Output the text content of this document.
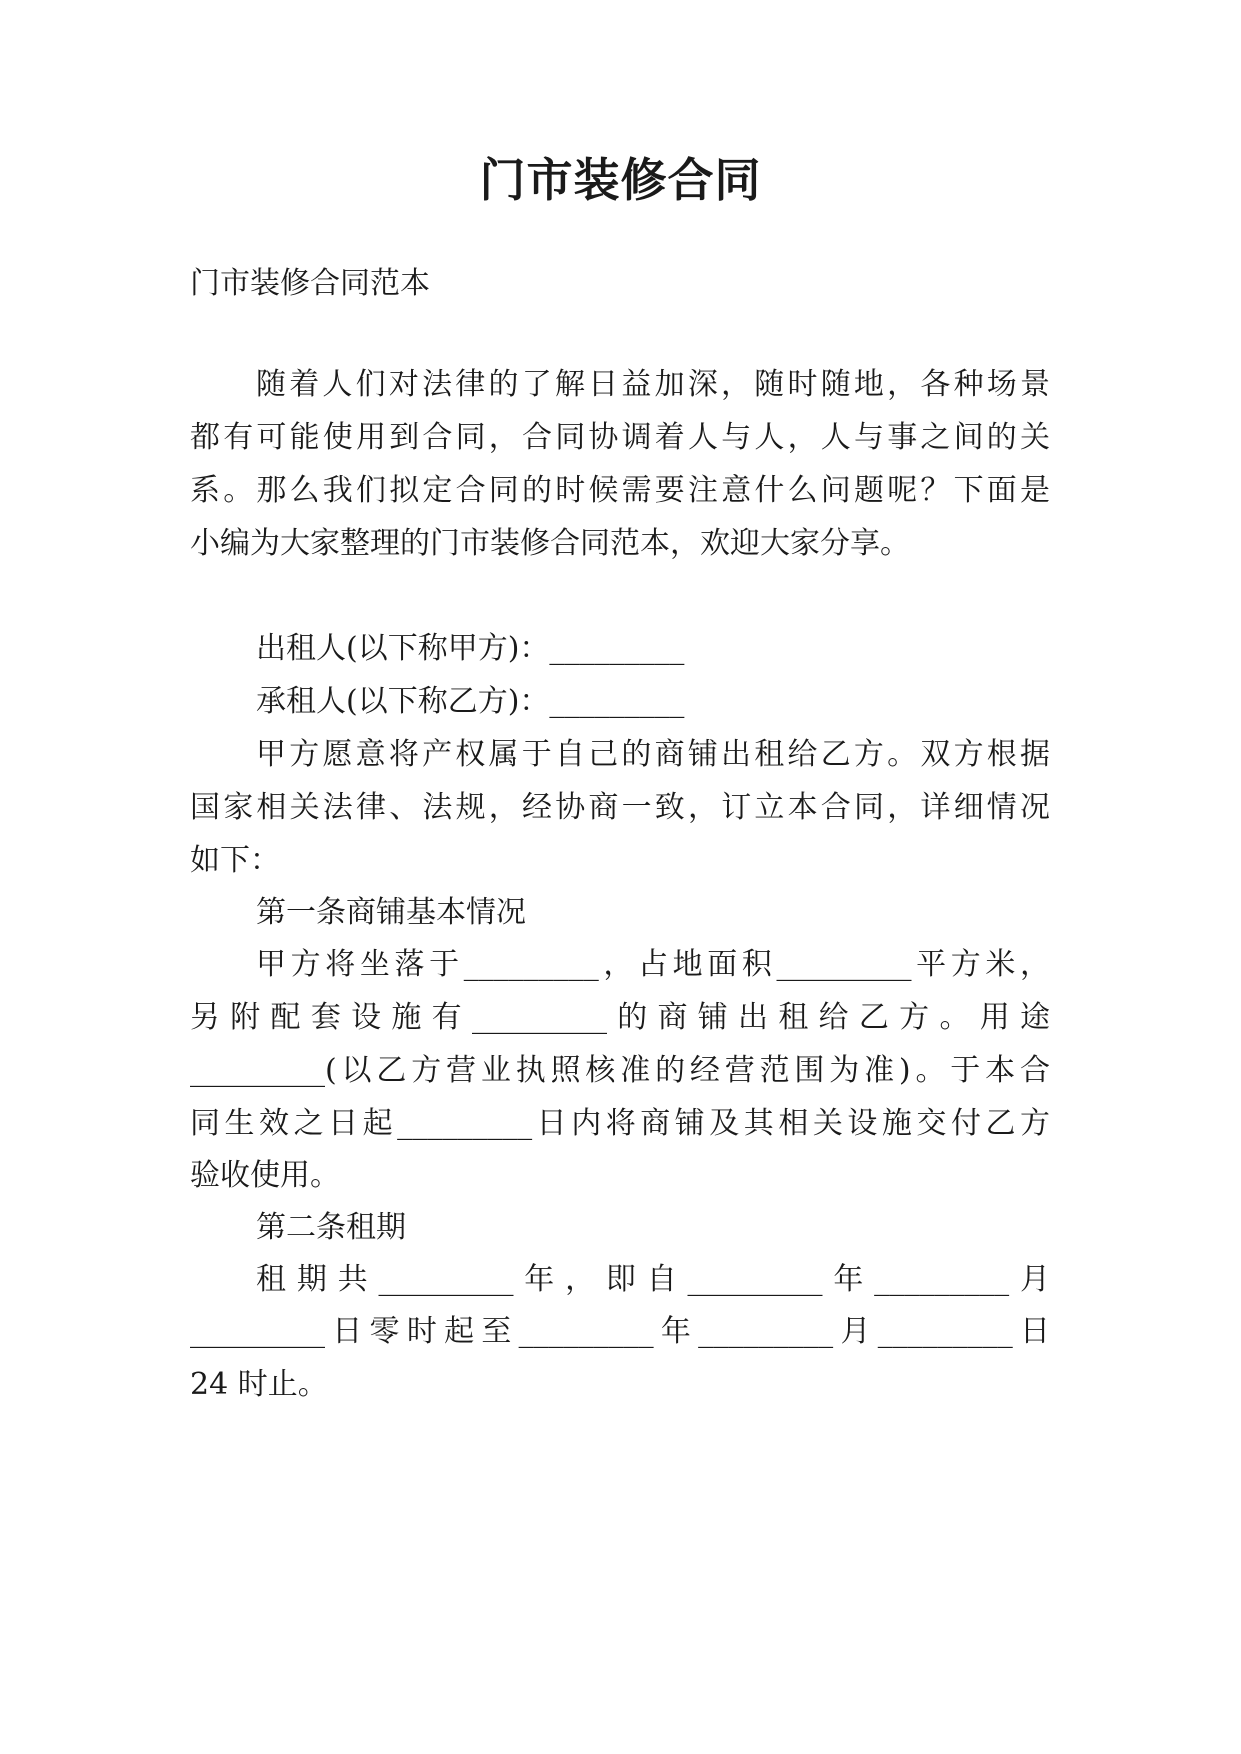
门市装修合同
门市装修合同范本
随着人们对法律的了解日益加深，随时随地，各种场景
都有可能使用到合同，合同协调着人与人，人与事之间的关
系。那么我们拟定合同的时候需要注意什么问题呢？下面是
小编为大家整理的门市装修合同范本，欢迎大家分享。
出租人(以下称甲方)：_________
承租人(以下称乙方)：_________
甲方愿意将产权属于自己的商铺出租给乙方。双方根据
国家相关法律、法规，经协商一致，订立本合同，详细情况
如下：
第一条商铺基本情况
甲方将坐落于_________，占地面积_________平方米，
另附配套设施有_________的商铺出租给乙方。用途
_________(以乙方营业执照核准的经营范围为准)。于本合
同生效之日起_________日内将商铺及其相关设施交付乙方
验收使用。
第二条租期
租期共_________年，即自_________年_________月
_________日零时起至_________年_________月_________日
24 时止。
